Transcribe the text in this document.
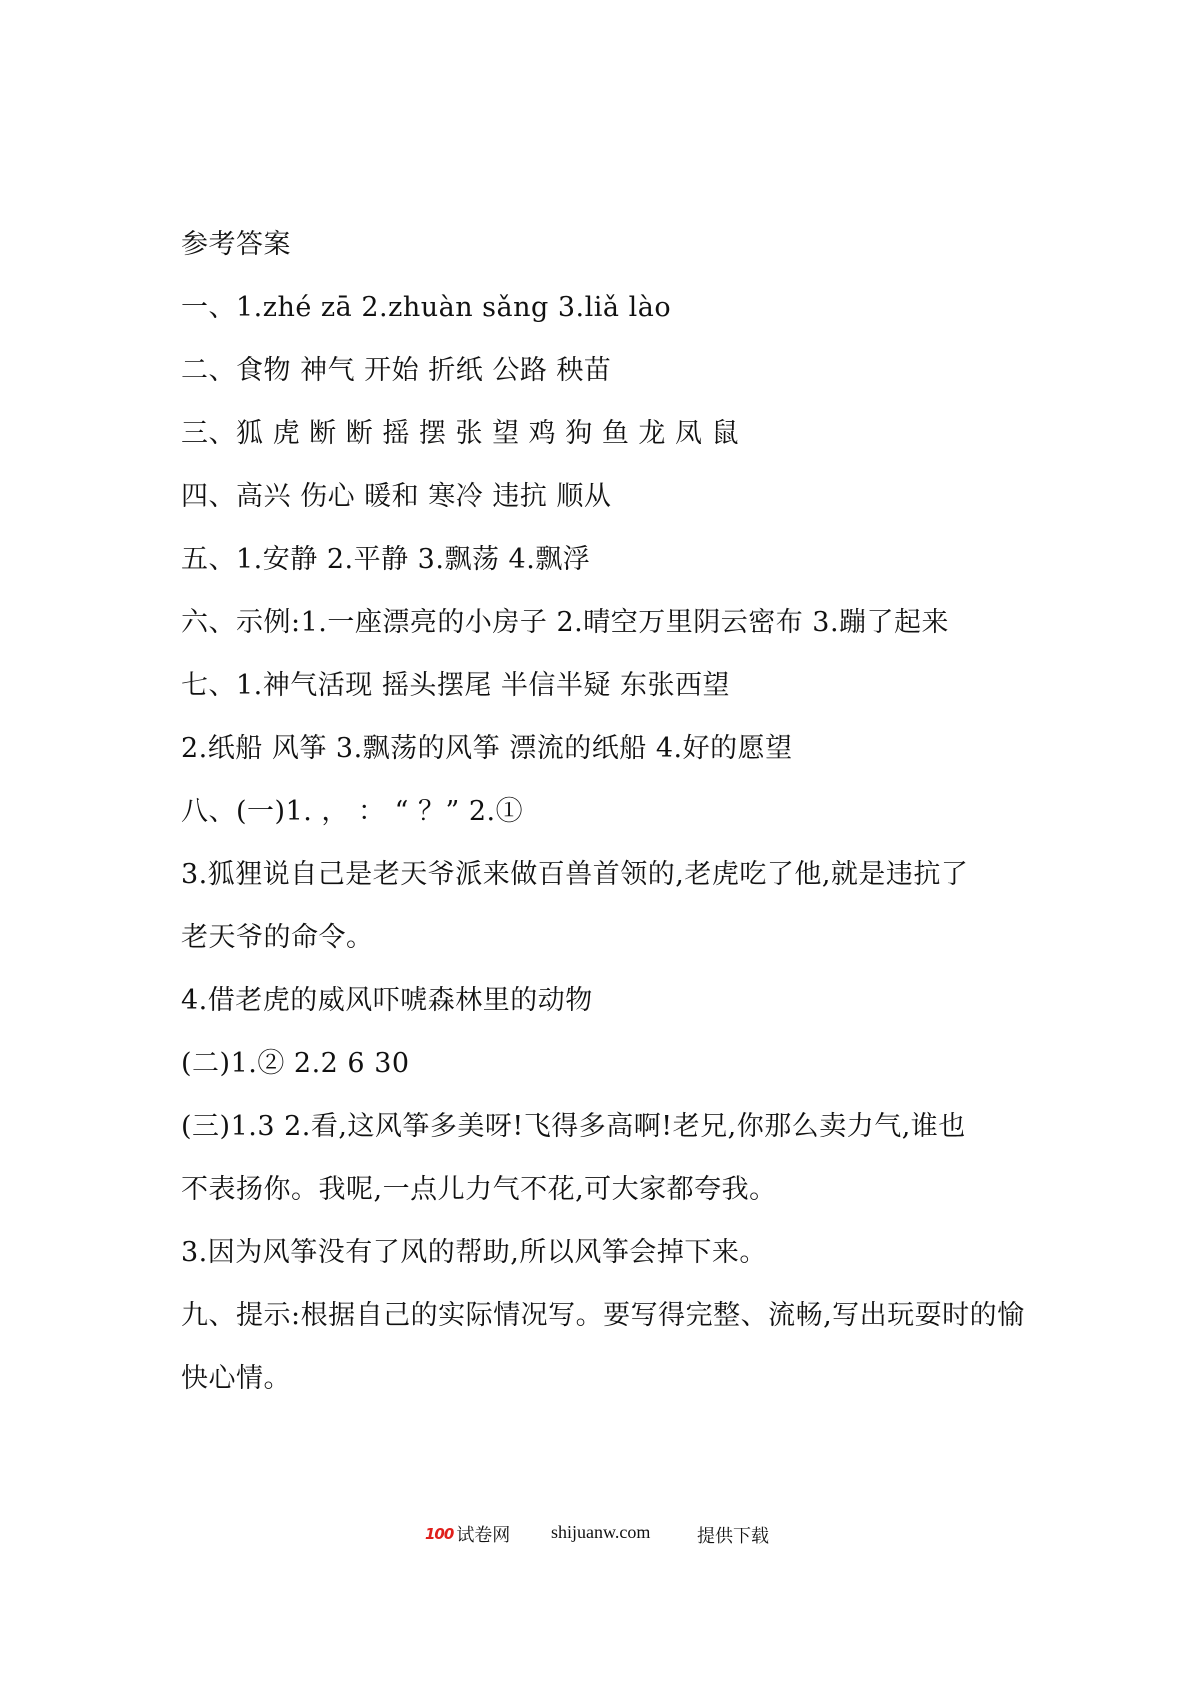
参考答案
一、1.zhé zā 2.zhuàn sǎng 3.liǎ lào
二、食物 神气 开始 折纸 公路 秧苗
三、狐 虎 断 断 摇 摆 张 望 鸡 狗 鱼 龙 凤 鼠
四、高兴 伤心 暖和 寒冷 违抗 顺从
五、1.安静 2.平静 3.飘荡 4.飘浮
六、示例:1.一座漂亮的小房子 2.晴空万里阴云密布 3.蹦了起来
七、1.神气活现 摇头摆尾 半信半疑 东张西望
2.纸船 风筝 3.飘荡的风筝 漂流的纸船 4.好的愿望
八、(一)1. ， ： “ ？” 2.①
3.狐狸说自己是老天爷派来做百兽首领的,老虎吃了他,就是违抗了
老天爷的命令。
4.借老虎的威风吓唬森林里的动物
(二)1.② 2.2 6 30
(三)1.3 2.看,这风筝多美呀!飞得多高啊!老兄,你那么卖力气,谁也
不表扬你。我呢,一点儿力气不花,可大家都夸我。
3.因为风筝没有了风的帮助,所以风筝会掉下来。
九、提示:根据自己的实际情况写。要写得完整、流畅,写出玩耍时的愉
快心情。
100 试卷网 shijuanw.com	提供下载
